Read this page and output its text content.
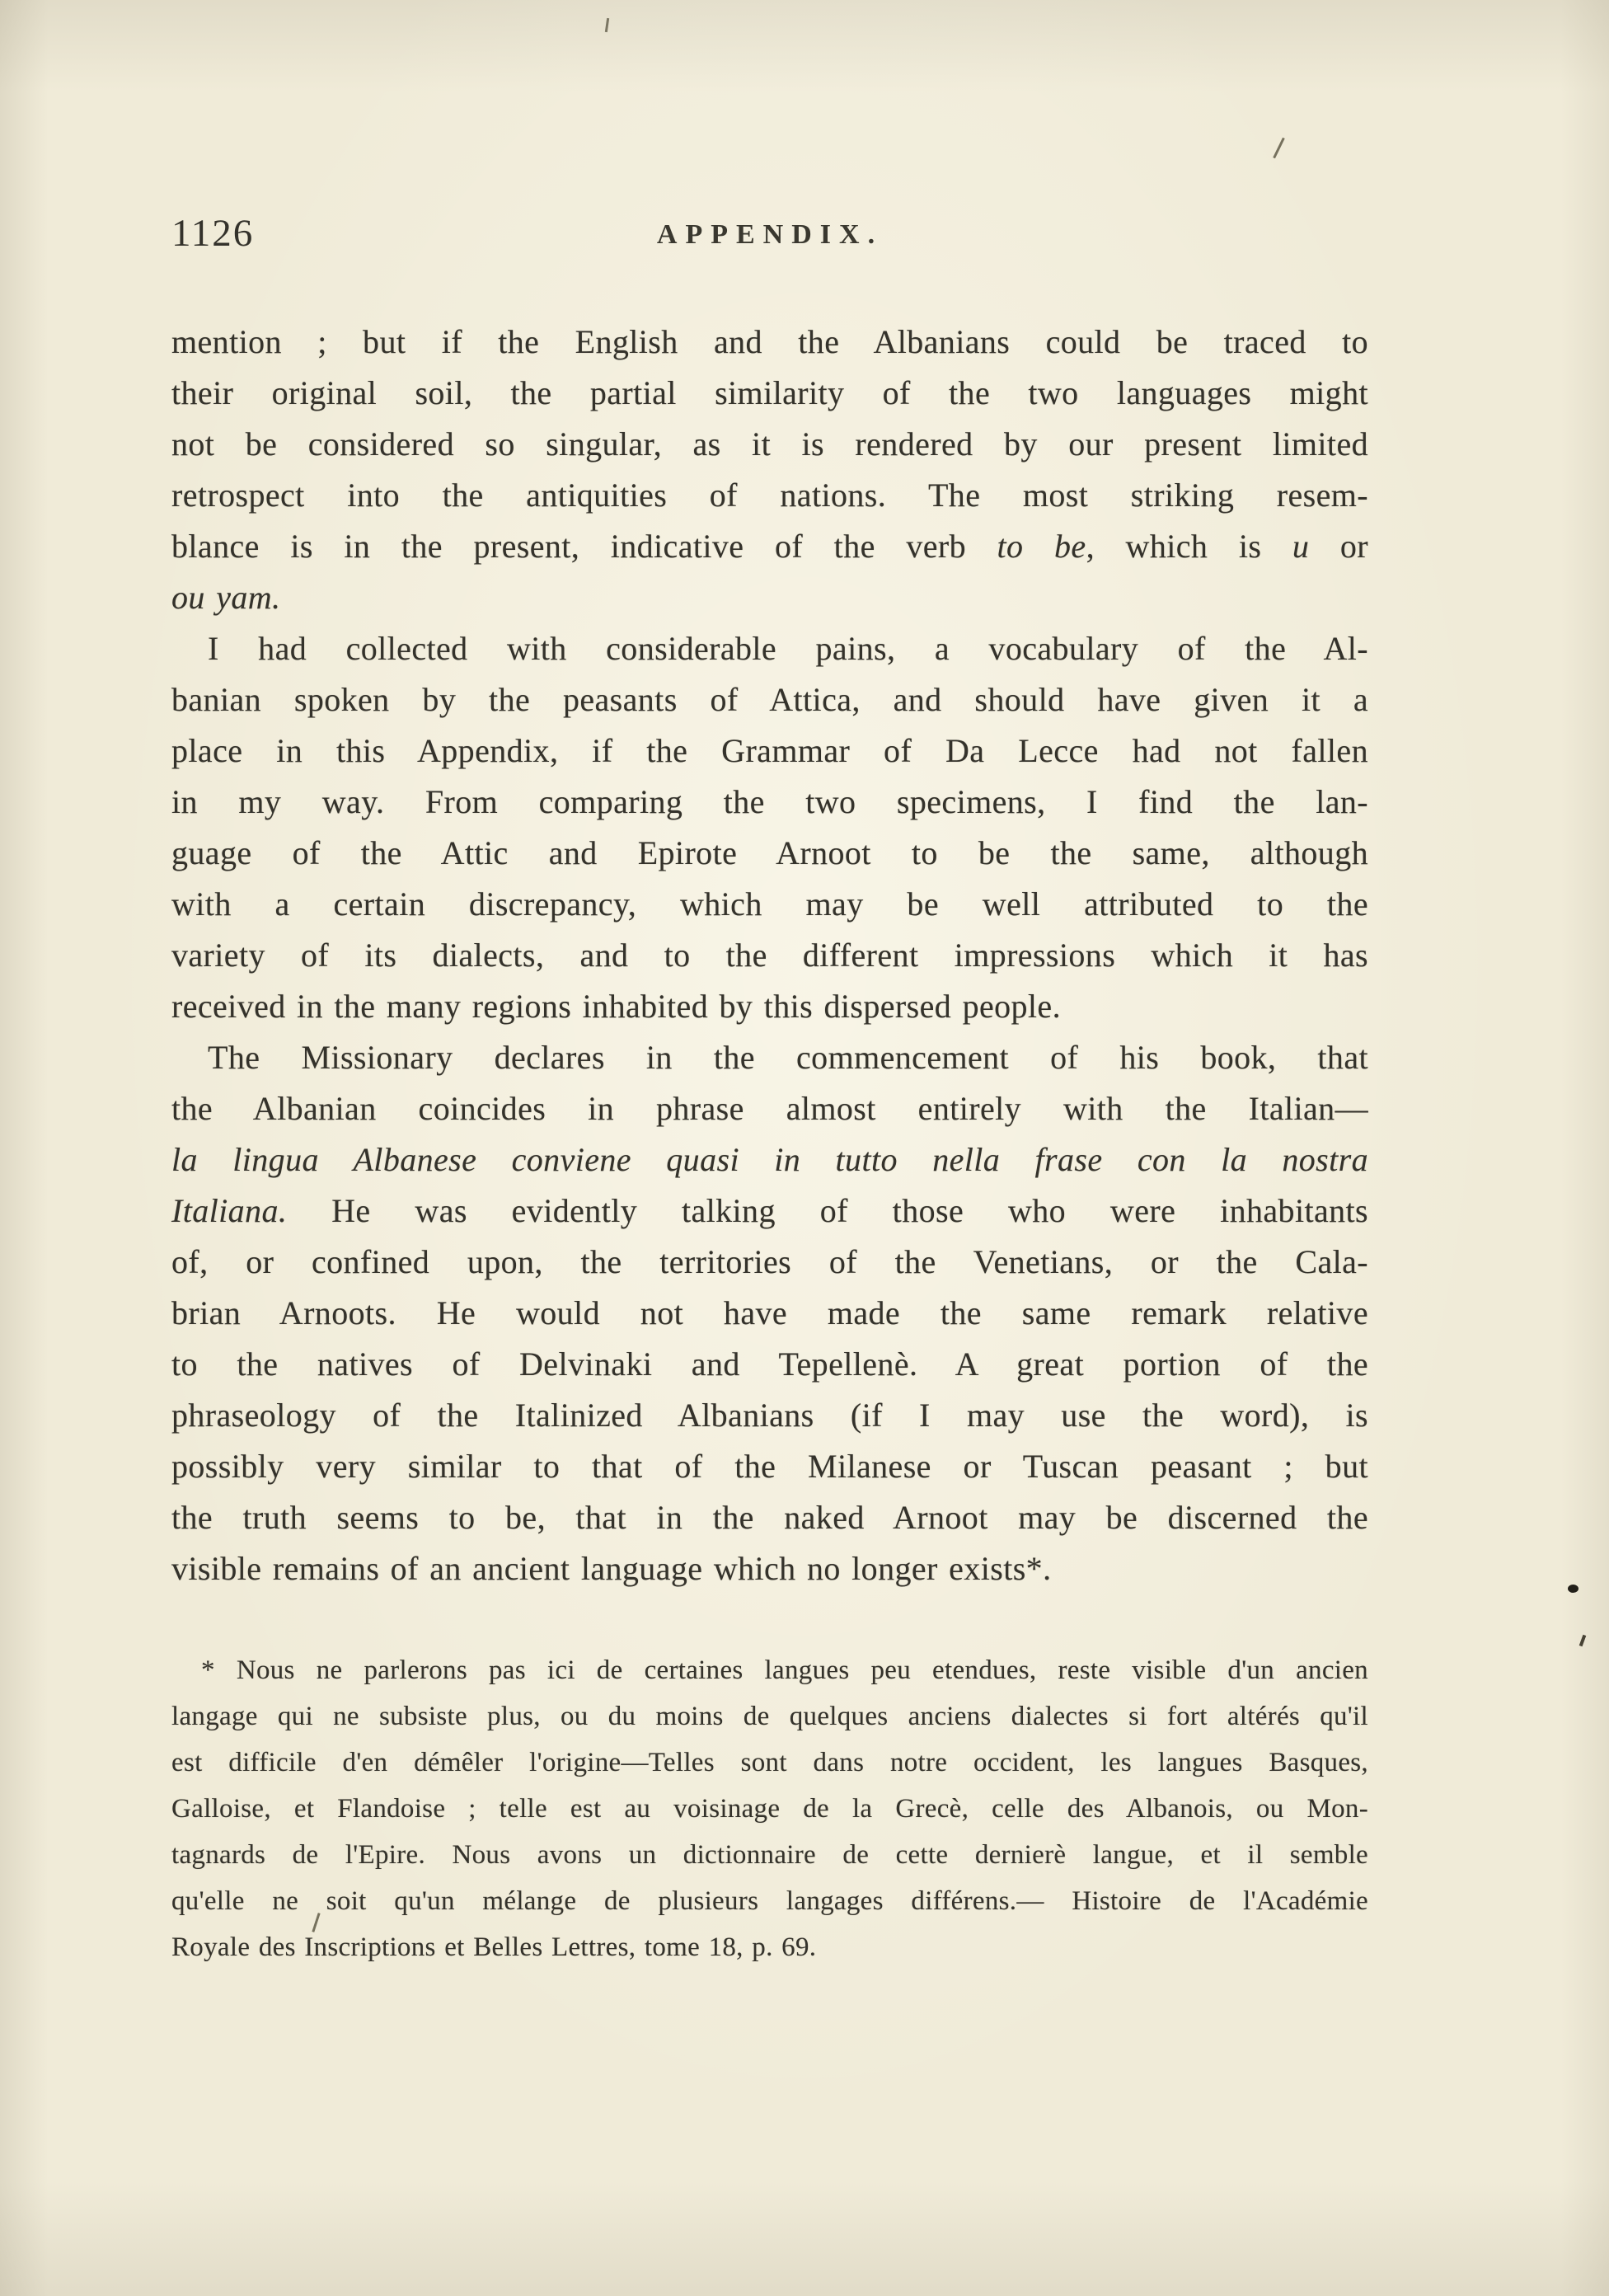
1126	APPENDIX.
mention ; but if the English and the Albanians could be traced to
their original soil, the partial similarity of the two languages might
not be considered so singular, as it is rendered by our present limited
retrospect into the antiquities of nations. The most striking resem-
blance is in the present, indicative of the verb to be, which is u or
ou yam.
I had collected with considerable pains, a vocabulary of the Al-
banian spoken by the peasants of Attica, and should have given it a
place in this Appendix, if the Grammar of Da Lecce had not fallen
in my way. From comparing the two specimens, I find the lan-
guage of the Attic and Epirote Arnoot to be the same, although
with a certain discrepancy, which may be well attributed to the
variety of its dialects, and to the different impressions which it has
received in the many regions inhabited by this dispersed people.
The Missionary declares in the commencement of his book, that
the Albanian coincides in phrase almost entirely with the Italian—
la lingua Albanese conviene quasi in tutto nella frase con la nostra
Italiana. He was evidently talking of those who were inhabitants
of, or confined upon, the territories of the Venetians, or the Cala-
brian Arnoots. He would not have made the same remark relative
to the natives of Delvinaki and Tepellenè. A great portion of the
phraseology of the Italinized Albanians (if I may use the word), is
possibly very similar to that of the Milanese or Tuscan peasant ; but
the truth seems to be, that in the naked Arnoot may be discerned the
visible remains of an ancient language which no longer exists*.
* Nous ne parlerons pas ici de certaines langues peu etendues, reste visible d'un ancien
langage qui ne subsiste plus, ou du moins de quelques anciens dialectes si fort altérés qu'il
est difficile d'en démêler l'origine—Telles sont dans notre occident, les langues Basques,
Galloise, et Flandoise ; telle est au voisinage de la Grecè, celle des Albanois, ou Mon-
tagnards de l'Epire. Nous avons un dictionnaire de cette dernierè langue, et il semble
qu'elle ne soit qu'un mélange de plusieurs langages différens.— Histoire de l'Académie
Royale des Inscriptions et Belles Lettres, tome 18, p. 69.
